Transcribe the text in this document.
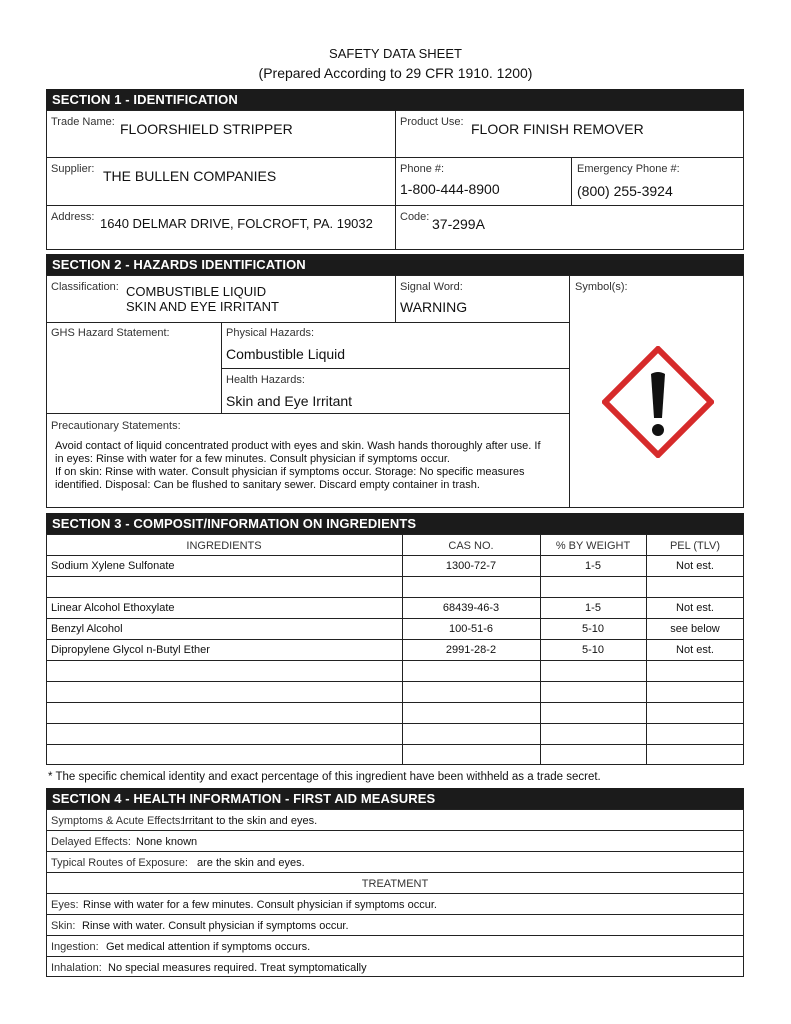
SAFETY DATA SHEET
(Prepared According to 29 CFR 1910. 1200)
SECTION 1 - IDENTIFICATION
Trade Name: FLOORSHIELD STRIPPER	Product Use: FLOOR FINISH REMOVER
Supplier: THE BULLEN COMPANIES	Phone #:
1-800-444-8900
Emergency Phone #:
(800) 255-3924
Address: 1640 DELMAR DRIVE, FOLCROFT, PA. 19032 Code: 37-299A
SECTION 2 - HAZARDS IDENTIFICATION
Classification: COMBUSTIBLE LIQUID
SKIN AND EYE IRRITANT
Signal Word:
WARNING
Symbol(s):
GHS Hazard Statement:	Physical Hazards:
Combustible Liquid
Health Hazards:
Skin and Eye Irritant
Precautionary Statements:
Avoid contact of liquid concentrated product with eyes and skin. Wash hands thoroughly after use. If
in eyes: Rinse with water for a few minutes. Consult physician if symptoms occur.
If on skin: Rinse with water. Consult physician if symptoms occur. Storage: No specific measures
identified. Disposal: Can be flushed to sanitary sewer. Discard empty container in trash.
SECTION 3 - COMPOSIT/INFORMATION ON INGREDIENTS
INGREDIENTS	CAS NO.	% BY WEIGHT	PEL (TLV)
Sodium Xylene Sulfonate	1300-72-7	1-5	Not est.
Linear Alcohol Ethoxylate	68439-46-3	1-5	Not est.
Benzyl Alcohol	100-51-6	5-10	see below
Dipropylene Glycol n-Butyl Ether	2991-28-2	5-10	Not est.
* The specific chemical identity and exact percentage of this ingredient have been withheld as a trade secret.
SECTION 4 - HEALTH INFORMATION - FIRST AID MEASURES
Symptoms & Acute Effects:
Irritant to the skin and eyes.
Delayed Effects: None known
Typical Routes of Exposure: are the skin and eyes.
TREATMENT
Eyes: Rinse with water for a few minutes. Consult physician if symptoms occur.
Skin: Rinse with water. Consult physician if symptoms occur.
Ingestion: Get medical attention if symptoms occurs.
Inhalation: No special measures required. Treat symptomatically
